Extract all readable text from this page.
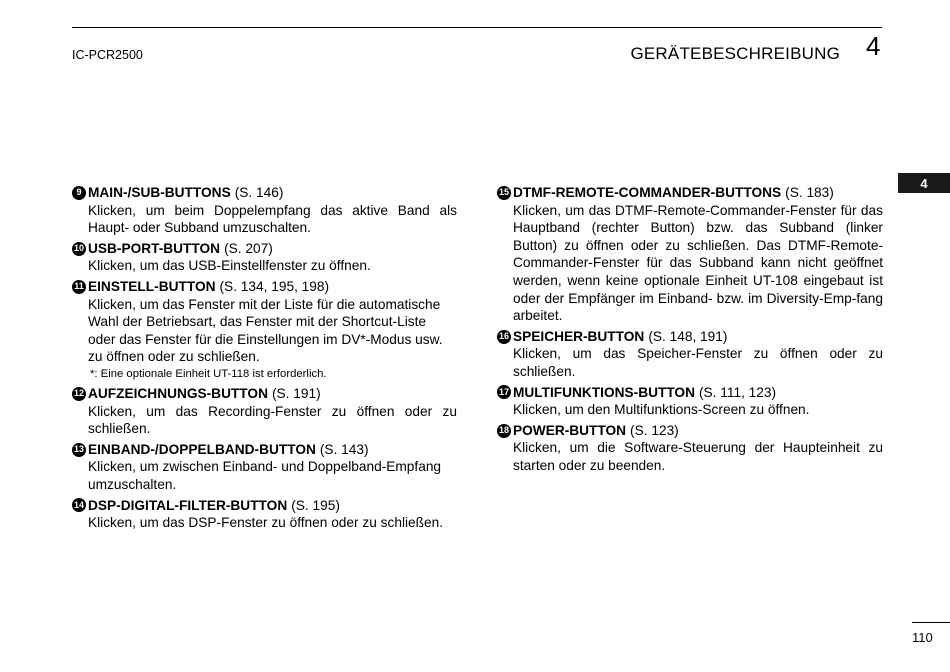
IC-PCR2500	GERÄTEBESCHREIBUNG 4
4
9 MAIN-/SUB-BUTTONS (S. 146)
Klicken, um beim Doppelempfang das aktive Band als Haupt- oder Subband umzuschalten.
10 USB-PORT-BUTTON (S. 207)
Klicken, um das USB-Einstellfenster zu öffnen.
11 EINSTELL-BUTTON (S. 134, 195, 198)
Klicken, um das Fenster mit der Liste für die automatische Wahl der Betriebsart, das Fenster mit der Shortcut-Liste oder das Fenster für die Einstellungen im DV*-Modus usw. zu öffnen oder zu schließen.
*: Eine optionale Einheit UT-118 ist erforderlich.
12 AUFZEICHNUNGS-BUTTON (S. 191)
Klicken, um das Recording-Fenster zu öffnen oder zu schließen.
13 EINBAND-/DOPPELBAND-BUTTON (S. 143)
Klicken, um zwischen Einband- und Doppelband-Empfang umzuschalten.
14 DSP-DIGITAL-FILTER-BUTTON (S. 195)
Klicken, um das DSP-Fenster zu öffnen oder zu schließen.
15 DTMF-REMOTE-COMMANDER-BUTTONS (S. 183)
Klicken, um das DTMF-Remote-Commander-Fenster für das Hauptband (rechter Button) bzw. das Subband (linker Button) zu öffnen oder zu schließen. Das DTMF-Remote-Commander-Fenster für das Subband kann nicht geöffnet werden, wenn keine optionale Einheit UT-108 eingebaut ist oder der Empfänger im Einband- bzw. im Diversity-Emp-fang arbeitet.
16 SPEICHER-BUTTON (S. 148, 191)
Klicken, um das Speicher-Fenster zu öffnen oder zu schließen.
17 MULTIFUNKTIONS-BUTTON (S. 111, 123)
Klicken, um den Multifunktions-Screen zu öffnen.
18 POWER-BUTTON (S. 123)
Klicken, um die Software-Steuerung der Haupteinheit zu starten oder zu beenden.
110
